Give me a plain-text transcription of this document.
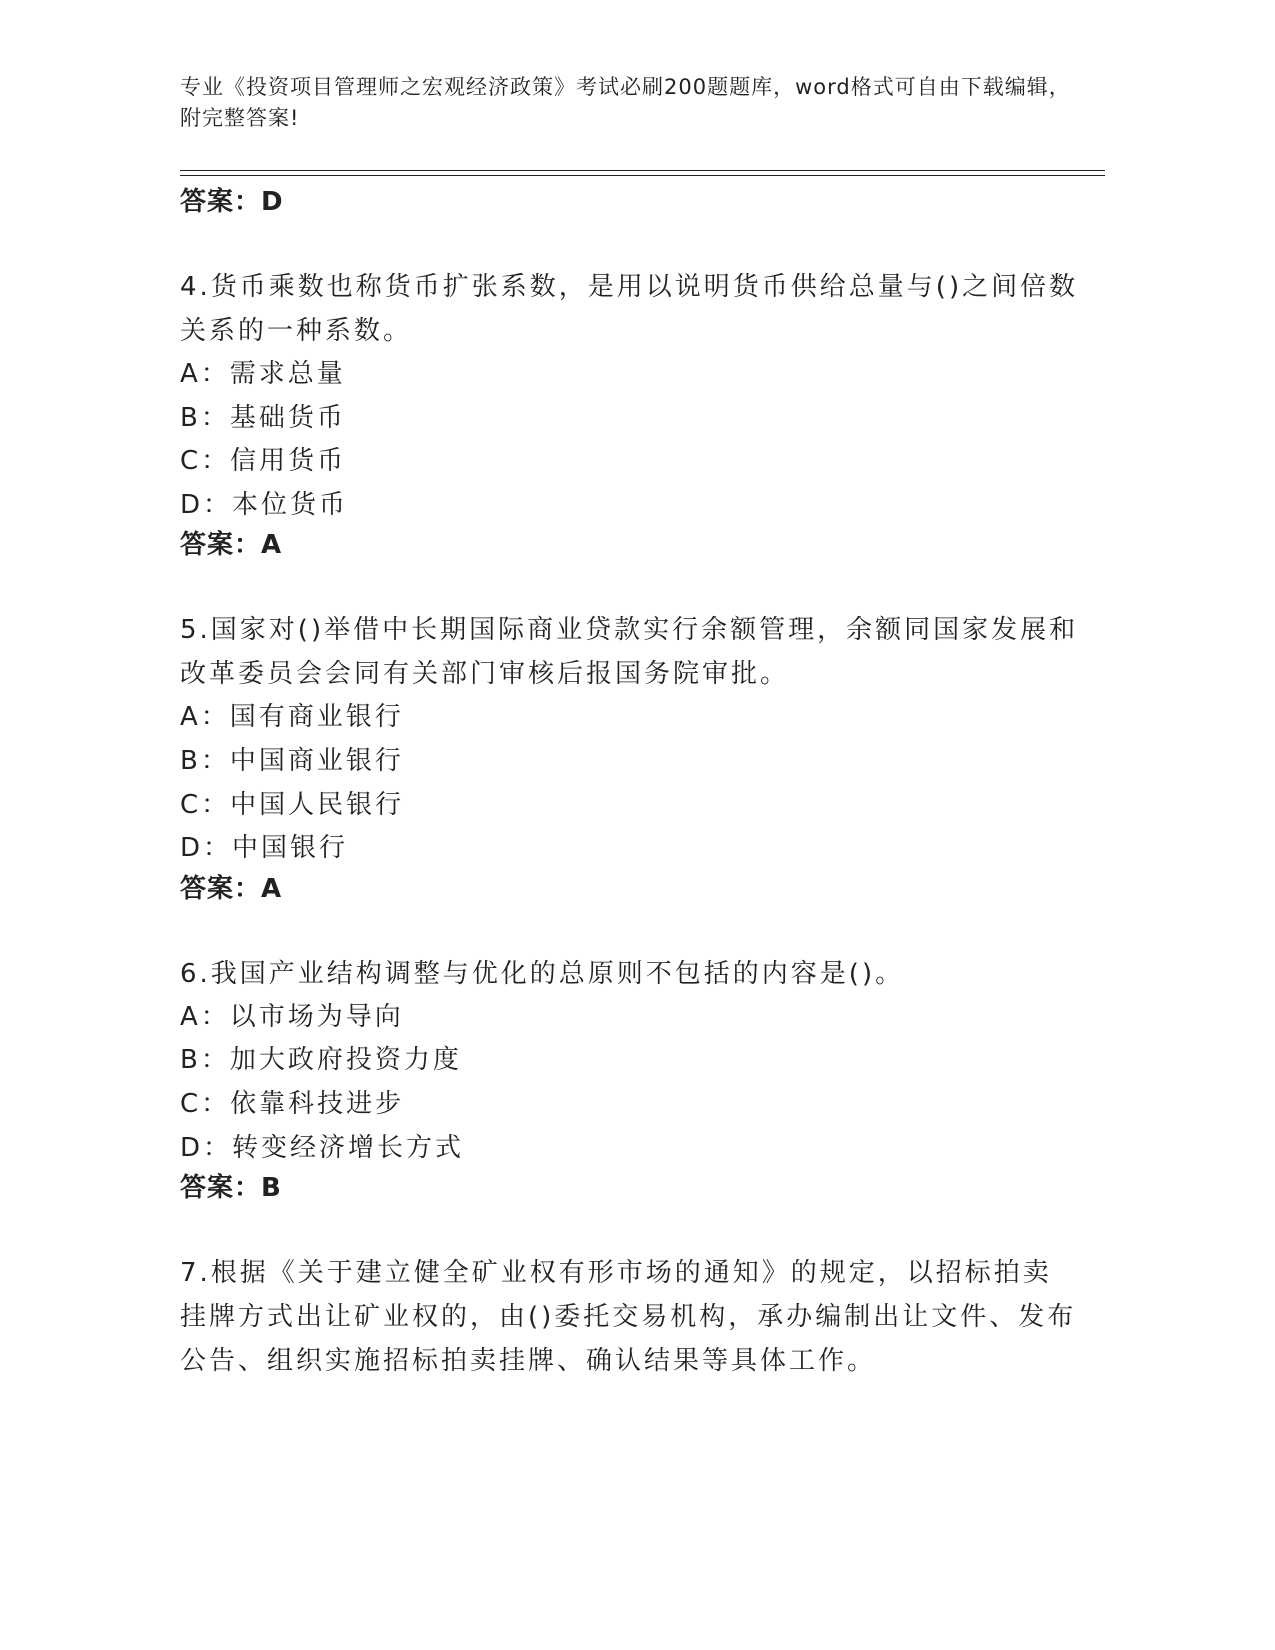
专业《投资项目管理师之宏观经济政策》考试必刷200题题库，word格式可自由下载编辑，附完整答案!
答案：D
4.货币乘数也称货币扩张系数，是用以说明货币供给总量与()之间倍数关系的一种系数。
A：需求总量
B：基础货币
C：信用货币
D：本位货币
答案：A
5.国家对()举借中长期国际商业贷款实行余额管理，余额同国家发展和改革委员会会同有关部门审核后报国务院审批。
A：国有商业银行
B：中国商业银行
C：中国人民银行
D：中国银行
答案：A
6.我国产业结构调整与优化的总原则不包括的内容是()。
A：以市场为导向
B：加大政府投资力度
C：依靠科技进步
D：转变经济增长方式
答案：B
7.根据《关于建立健全矿业权有形市场的通知》的规定，以招标拍卖挂牌方式出让矿业权的，由()委托交易机构，承办编制出让文件、发布公告、组织实施招标拍卖挂牌、确认结果等具体工作。
